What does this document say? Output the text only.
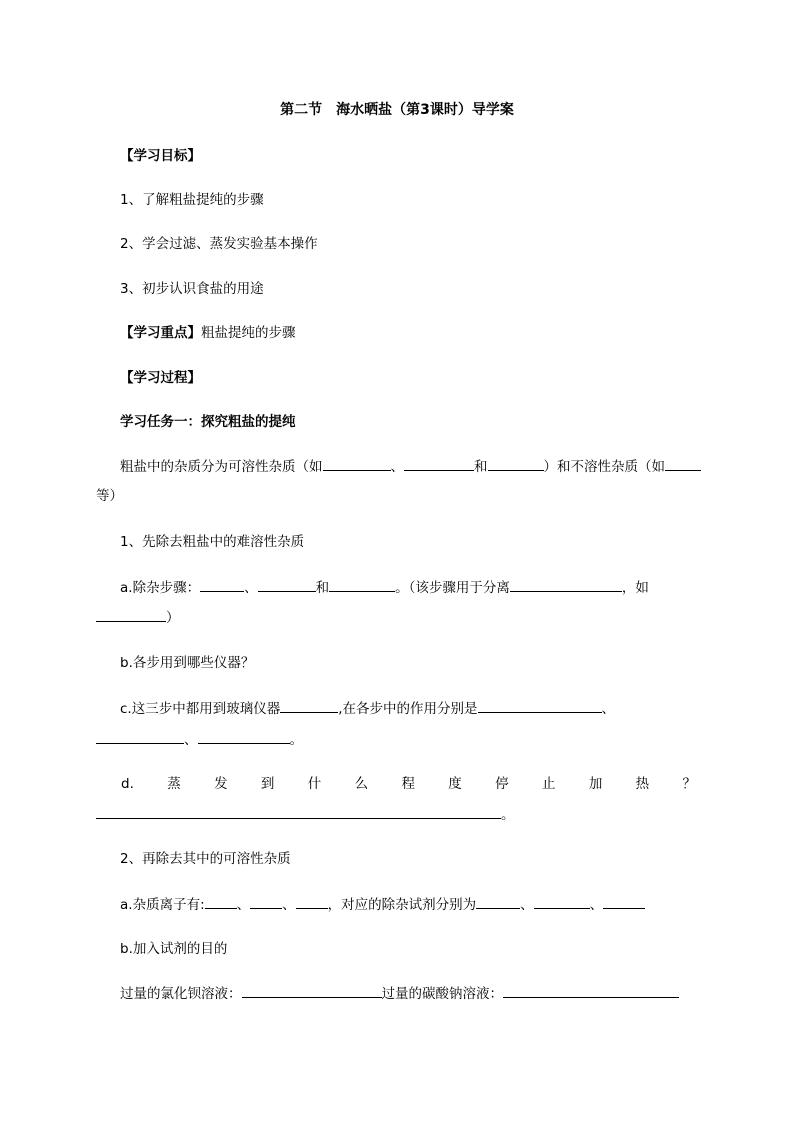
第二节　海水晒盐（第3课时）导学案
【学习目标】
1、了解粗盐提纯的步骤
2、学会过滤、蒸发实验基本操作
3、初步认识食盐的用途
【学习重点】粗盐提纯的步骤
【学习过程】
学习任务一：探究粗盐的提纯
粗盐中的杂质分为可溶性杂质（如	、	和	）和不溶性杂质（如
等）
1、先除去粗盐中的难溶性杂质
a.除杂步骤：	、	和	。（该步骤用于分离	，如
）
b.各步用到哪些仪器？
c.这三步中都用到玻璃仪器	,在各步中的作用分别是	、
、	。
d. 蒸 发 到 什 么 程 度 停 止 加 热 ？
。
2、再除去其中的可溶性杂质
a.杂质离子有: 、 、 ，对应的除杂试剂分别为	、	、
b.加入试剂的目的
过量的氯化钡溶液：	过量的碳酸钠溶液：
